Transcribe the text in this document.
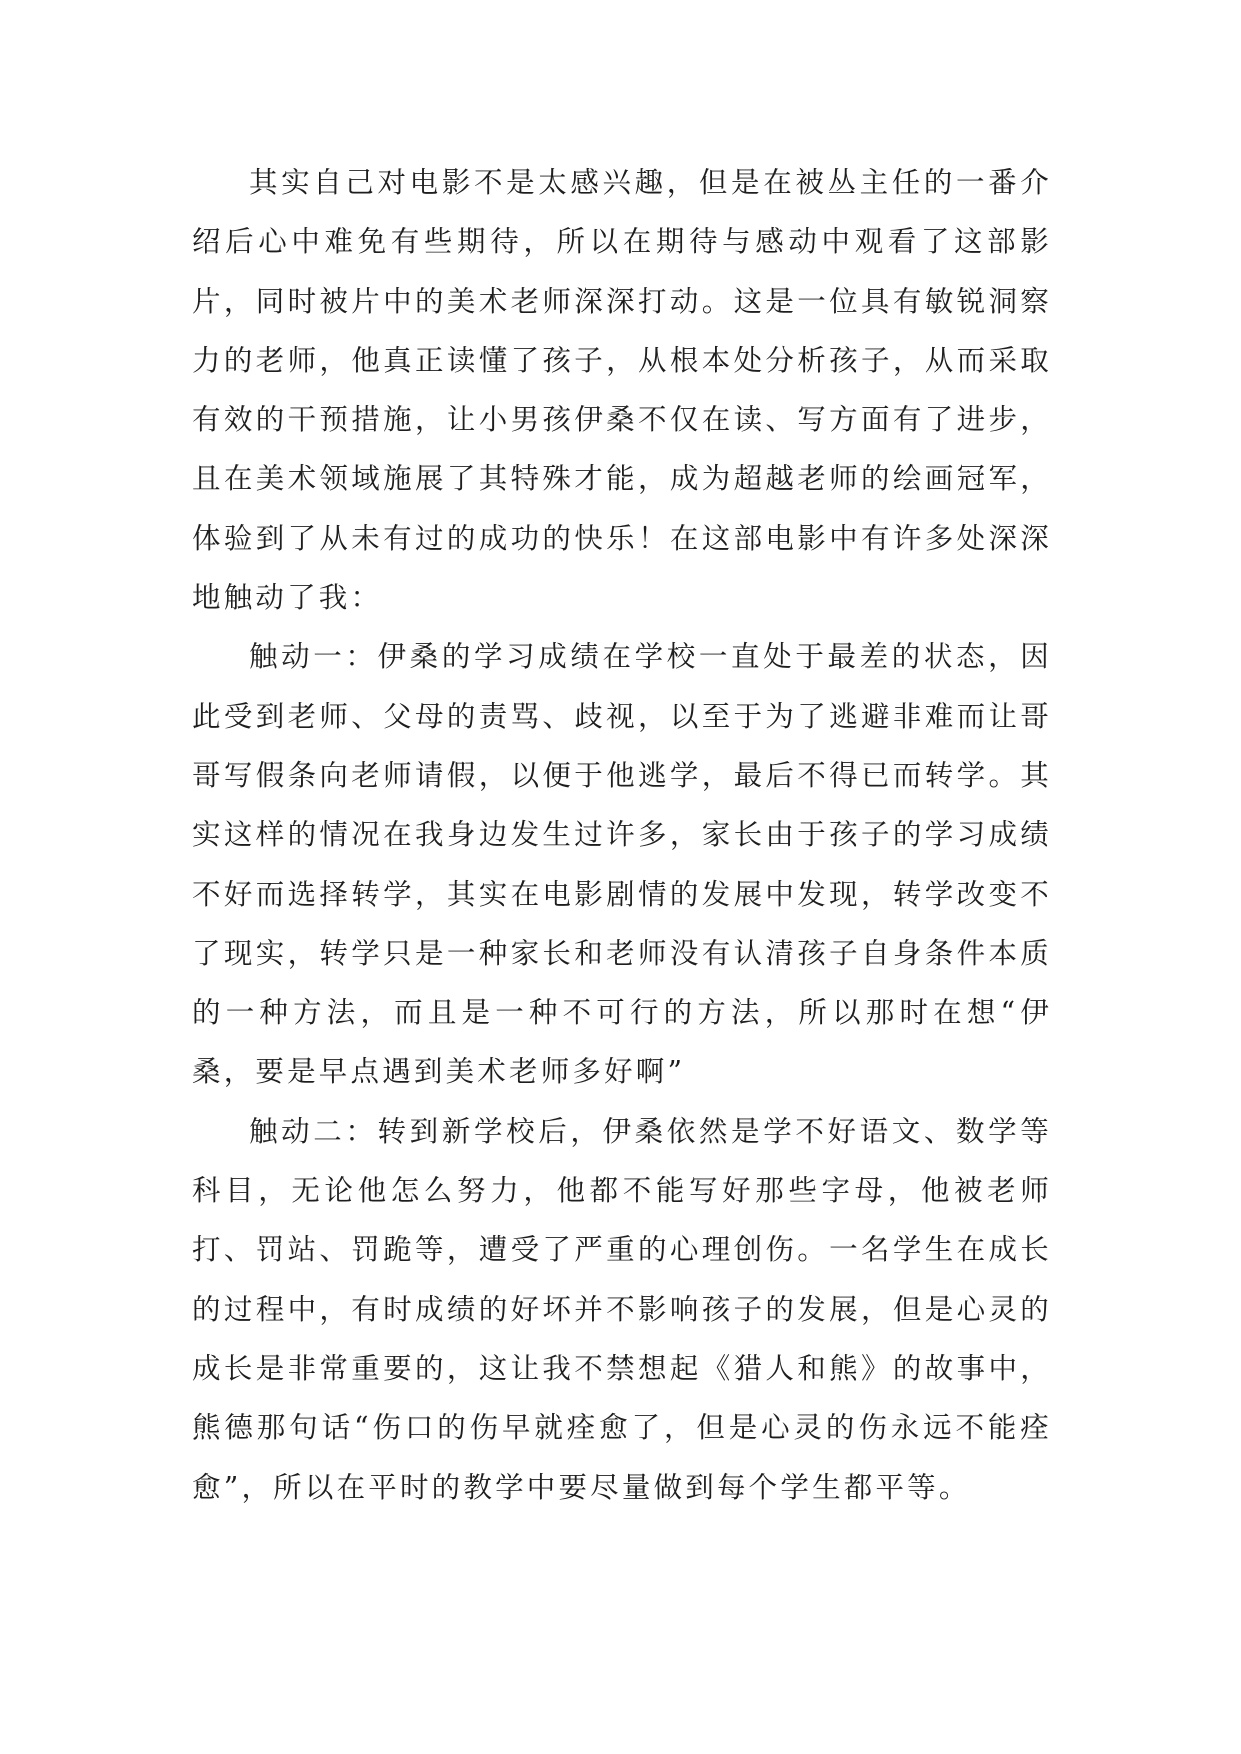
其实自己对电影不是太感兴趣，但是在被丛主任的一番介绍后心中难免有些期待，所以在期待与感动中观看了这部影片，同时被片中的美术老师深深打动。这是一位具有敏锐洞察力的老师，他真正读懂了孩子，从根本处分析孩子，从而采取有效的干预措施，让小男孩伊桑不仅在读、写方面有了进步，且在美术领域施展了其特殊才能，成为超越老师的绘画冠军，体验到了从未有过的成功的快乐！在这部电影中有许多处深深地触动了我：

触动一：伊桑的学习成绩在学校一直处于最差的状态，因此受到老师、父母的责骂、歧视，以至于为了逃避非难而让哥哥写假条向老师请假，以便于他逃学，最后不得已而转学。其实这样的情况在我身边发生过许多，家长由于孩子的学习成绩不好而选择转学，其实在电影剧情的发展中发现，转学改变不了现实，转学只是一种家长和老师没有认清孩子自身条件本质的一种方法，而且是一种不可行的方法，所以那时在想“伊桑，要是早点遇到美术老师多好啊”

触动二：转到新学校后，伊桑依然是学不好语文、数学等科目，无论他怎么努力，他都不能写好那些字母，他被老师打、罚站、罚跪等，遭受了严重的心理创伤。一名学生在成长的过程中，有时成绩的好坏并不影响孩子的发展，但是心灵的成长是非常重要的，这让我不禁想起《猎人和熊》的故事中，熊德那句话“伤口的伤早就痊愈了，但是心灵的伤永远不能痊愈”，所以在平时的教学中要尽量做到每个学生都平等。
